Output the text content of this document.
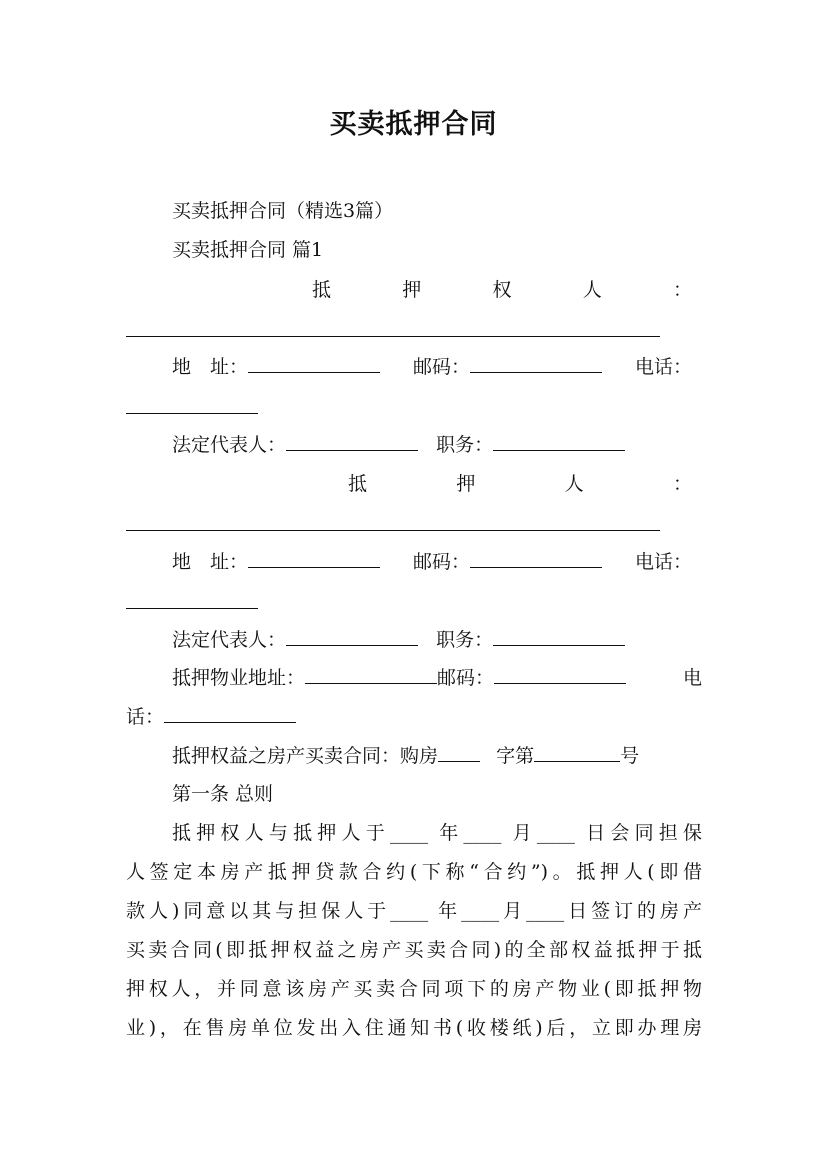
买卖抵押合同
买卖抵押合同（精选3篇）
买卖抵押合同 篇1
抵	押	权	人	：
地　址：	邮码：	电话：
法定代表人：	职务：
抵	押	人	：
地　址：	邮码：	电话：
法定代表人：	职务：
抵押物业地址：	邮码：	电
话：
抵押权益之房产买卖合同：购房	字第	号
第一条 总则
抵押权人与抵押人于____ 年____ 月____ 日会同担保
人签定本房产抵押贷款合约(下称“合约”)。抵押人(即借
款人)同意以其与担保人于____ 年____月____日签订的房产
买卖合同(即抵押权益之房产买卖合同)的全部权益抵押于抵
押权人，并同意该房产买卖合同项下的房产物业(即抵押物
业)，在售房单位发出入住通知书(收楼纸)后，立即办理房
